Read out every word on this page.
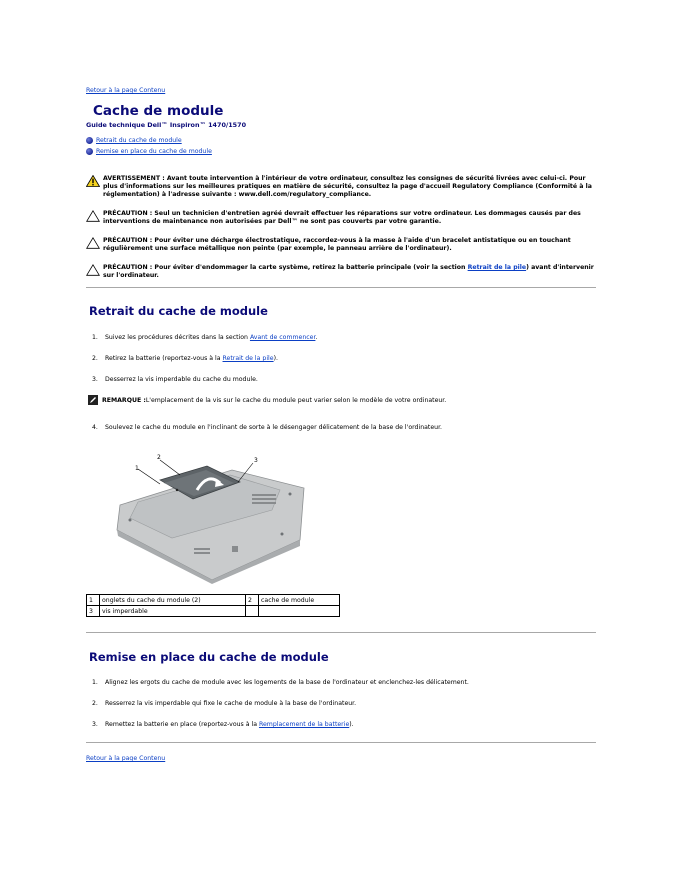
Retour à la page Contenu
Cache de module
Guide technique Dell™ Inspiron™ 1470/1570
Retrait du cache de module
Remise en place du cache de module
AVERTISSEMENT : Avant toute intervention à l'intérieur de votre ordinateur, consultez les consignes de sécurité livrées avec celui-ci. Pour plus d'informations sur les meilleures pratiques en matière de sécurité, consultez la page d'accueil Regulatory Compliance (Conformité à la réglementation) à l'adresse suivante : www.dell.com/regulatory_compliance.
PRÉCAUTION : Seul un technicien d'entretien agréé devrait effectuer les réparations sur votre ordinateur. Les dommages causés par des interventions de maintenance non autorisées par Dell™ ne sont pas couverts par votre garantie.
PRÉCAUTION : Pour éviter une décharge électrostatique, raccordez-vous à la masse à l'aide d'un bracelet antistatique ou en touchant régulièrement une surface métallique non peinte (par exemple, le panneau arrière de l'ordinateur).
PRÉCAUTION : Pour éviter d'endommager la carte système, retirez la batterie principale (voir la section Retrait de la pile) avant d'intervenir sur l'ordinateur.
Retrait du cache de module
1. Suivez les procédures décrites dans la section Avant de commencer.
2. Retirez la batterie (reportez-vous à la Retrait de la pile).
3. Desserrez la vis imperdable du cache du module.
REMARQUE : L'emplacement de la vis sur le cache du module peut varier selon le modèle de votre ordinateur.
4. Soulevez le cache du module en l'inclinant de sorte à le désengager délicatement de la base de l'ordinateur.
1
2	3
1	onglets du cache du module (2)	2	cache de module
3	vis imperdable		
Remise en place du cache de module
1. Alignez les ergots du cache de module avec les logements de la base de l'ordinateur et enclenchez-les délicatement.
2. Resserrez la vis imperdable qui fixe le cache de module à la base de l'ordinateur.
3. Remettez la batterie en place (reportez-vous à la Remplacement de la batterie).
Retour à la page Contenu
